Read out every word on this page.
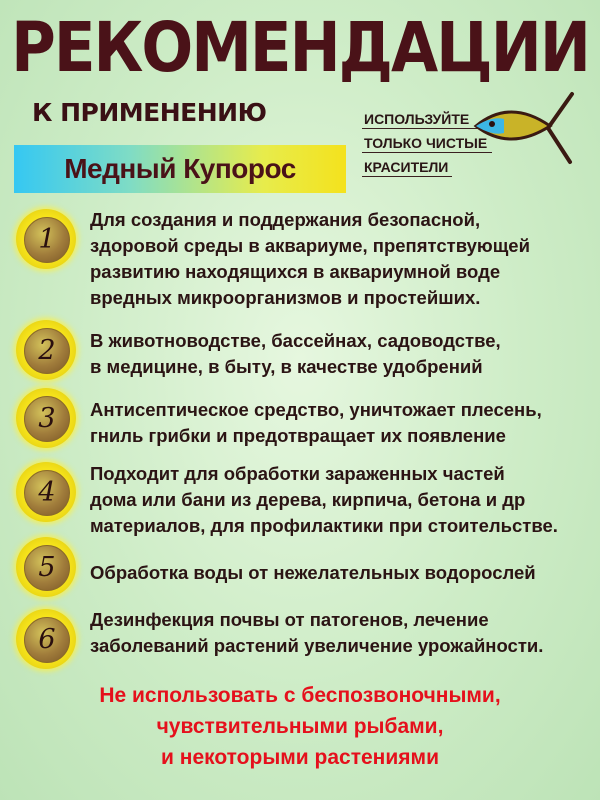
РЕКОМЕНДАЦИИ
К ПРИМЕНЕНИЮ
Медный Купорос
ИСПОЛЬЗУЙТЕ
ТОЛЬКО ЧИСТЫЕ
КРАСИТЕЛИ
1
Для создания и поддержания безопасной,
здоровой среды в аквариуме, препятствующей
развитию находящихся в аквариумной воде
вредных микроорганизмов и простейших.
2 В животноводстве, бассейнах, садоводстве,
в медицине, в быту, в качестве удобрений
3 Антисептическое средство, уничтожает плесень,
гниль грибки и предотвращает их появление
4
Подходит для обработки зараженных частей
дома или бани из дерева, кирпича, бетона и др
материалов, для профилактики при стоительстве.
5 Обработка воды от нежелательных водорослей
6
Дезинфекция почвы от патогенов, лечение
заболеваний растений увеличение урожайности.
Не использовать с беспозвоночными,
чувствительными рыбами,
и некоторыми растениями
